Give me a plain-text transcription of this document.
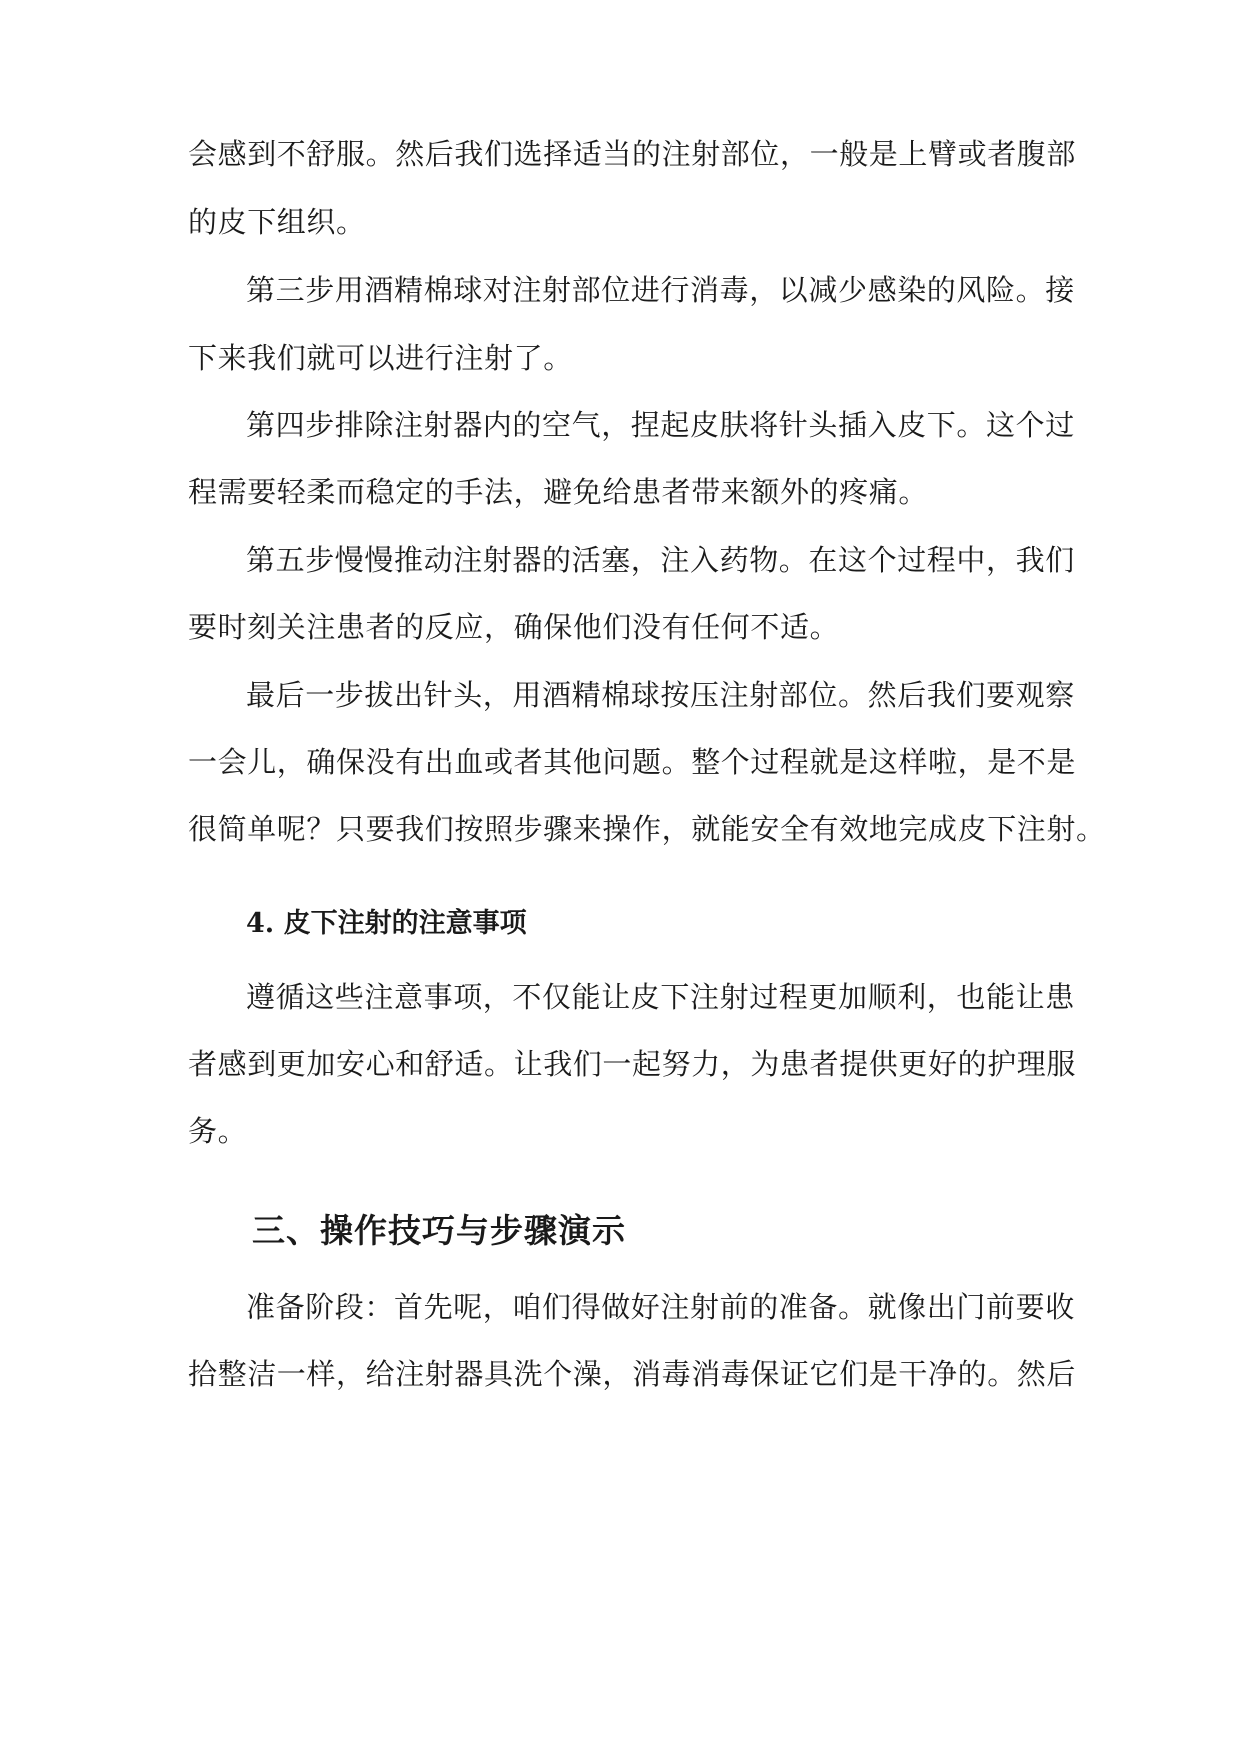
会感到不舒服。然后我们选择适当的注射部位，一般是上臂或者腹部
的皮下组织。
第三步用酒精棉球对注射部位进行消毒，以减少感染的风险。接
下来我们就可以进行注射了。
第四步排除注射器内的空气，捏起皮肤将针头插入皮下。这个过
程需要轻柔而稳定的手法，避免给患者带来额外的疼痛。
第五步慢慢推动注射器的活塞，注入药物。在这个过程中，我们
要时刻关注患者的反应，确保他们没有任何不适。
最后一步拔出针头，用酒精棉球按压注射部位。然后我们要观察
一会儿，确保没有出血或者其他问题。整个过程就是这样啦，是不是
很简单呢？只要我们按照步骤来操作，就能安全有效地完成皮下注射。
4. 皮下注射的注意事项
遵循这些注意事项，不仅能让皮下注射过程更加顺利，也能让患
者感到更加安心和舒适。让我们一起努力，为患者提供更好的护理服
务。
三、操作技巧与步骤演示
准备阶段：首先呢，咱们得做好注射前的准备。就像出门前要收
拾整洁一样，给注射器具洗个澡，消毒消毒保证它们是干净的。然后
